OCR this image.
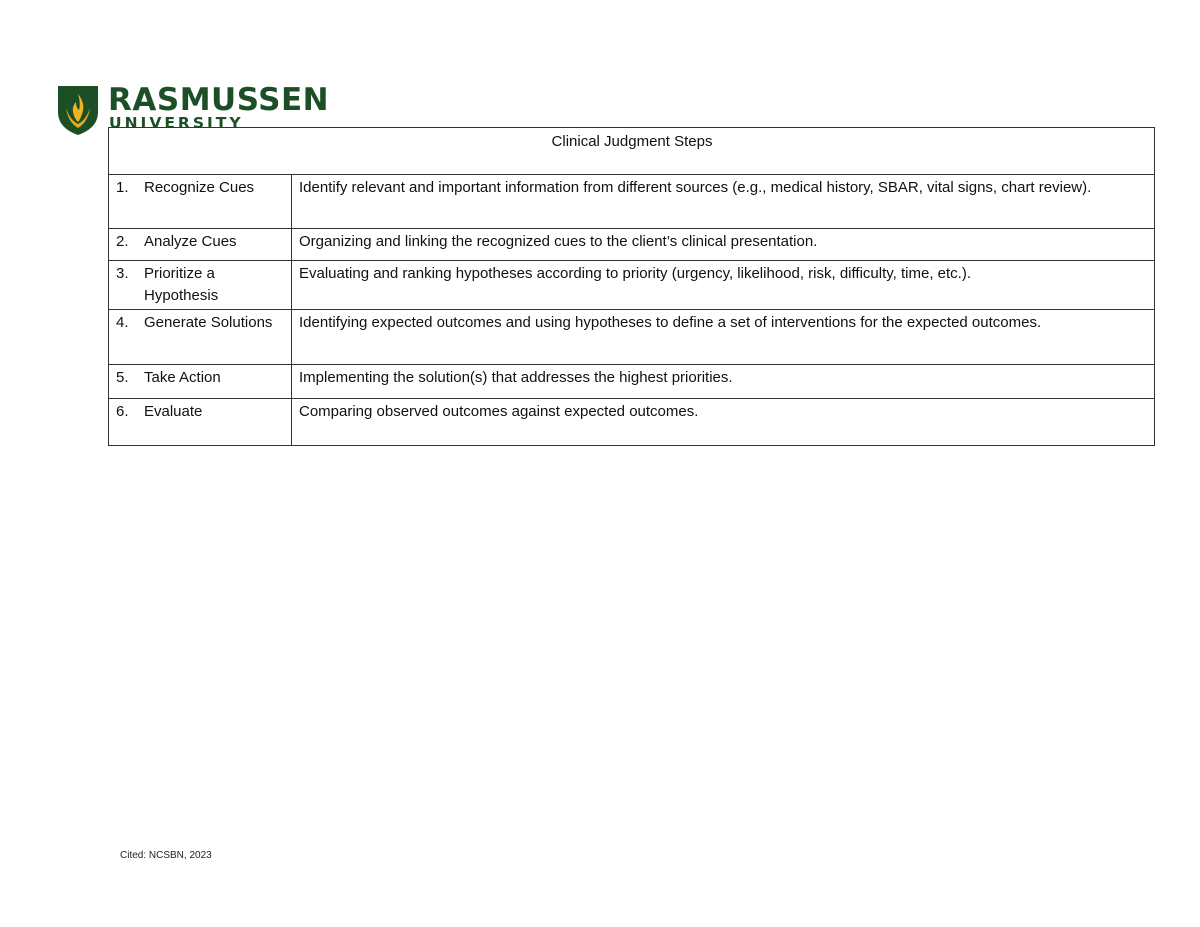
RASMUSSEN
UNIVERSITY
Clinical Judgment Steps	

1. Recognize Cues	Identify relevant and important information from different sources (e.g., medical history, SBAR, vital signs, chart review).

2. Analyze Cues	Organizing and linking the recognized cues to the client’s clinical presentation.

3. Prioritize a Hypothesis	Evaluating and ranking hypotheses according to priority (urgency, likelihood, risk, difficulty, time, etc.).

4. Generate Solutions	Identifying expected outcomes and using hypotheses to define a set of interventions for the expected outcomes.

5. Take Action	Implementing the solution(s) that addresses the highest priorities.

6. Evaluate	Comparing observed outcomes against expected outcomes.
Cited: NCSBN, 2023
